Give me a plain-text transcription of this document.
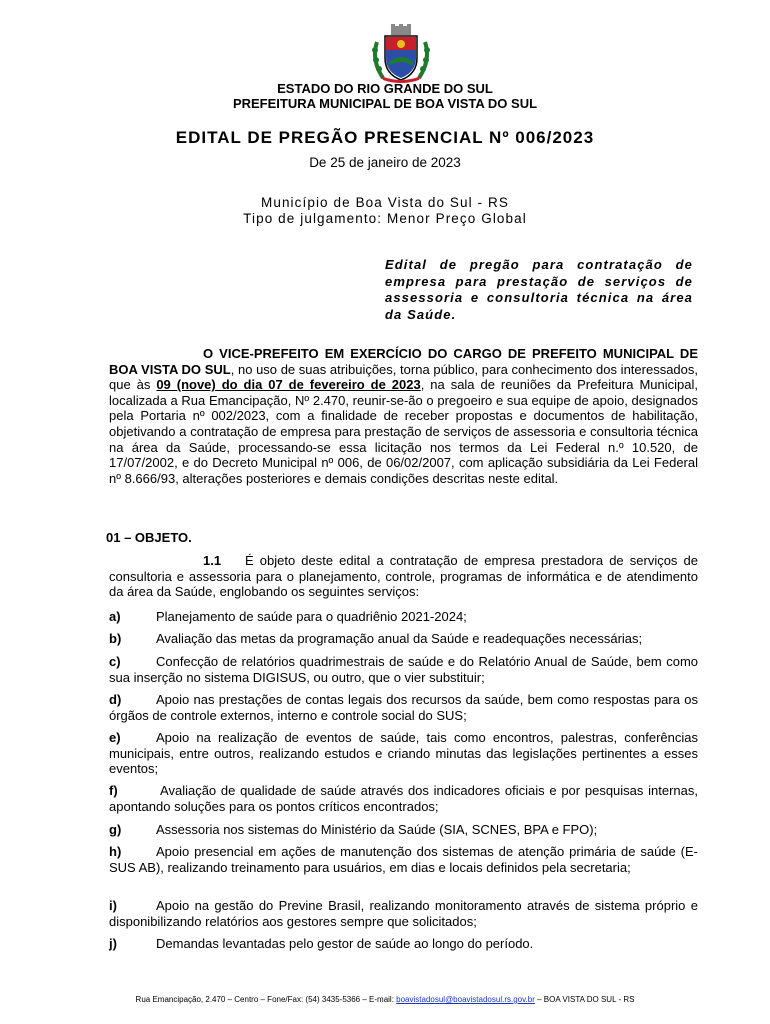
ESTADO DO RIO GRANDE DO SUL
PREFEITURA MUNICIPAL DE BOA VISTA DO SUL
EDITAL DE PREGÃO PRESENCIAL Nº 006/2023
De 25 de janeiro de 2023
Município de Boa Vista do Sul - RS
Tipo de julgamento: Menor Preço Global
Edital de pregão para contratação de empresa para prestação de serviços de assessoria e consultoria técnica na área da Saúde.
O VICE-PREFEITO EM EXERCÍCIO DO CARGO DE PREFEITO MUNICIPAL DE BOA VISTA DO SUL, no uso de suas atribuições, torna público, para conhecimento dos interessados, que às 09 (nove) do dia 07 de fevereiro de 2023, na sala de reuniões da Prefeitura Municipal, localizada a Rua Emancipação, Nº 2.470, reunir-se-ão o pregoeiro e sua equipe de apoio, designados pela Portaria nº 002/2023, com a finalidade de receber propostas e documentos de habilitação, objetivando a contratação de empresa para prestação de serviços de assessoria e consultoria técnica na área da Saúde, processando-se essa licitação nos termos da Lei Federal n.º 10.520, de 17/07/2002, e do Decreto Municipal nº 006, de 06/02/2007, com aplicação subsidiária da Lei Federal nº 8.666/93, alterações posteriores e demais condições descritas neste edital.
01 – OBJETO.
1.1 É objeto deste edital a contratação de empresa prestadora de serviços de consultoria e assessoria para o planejamento, controle, programas de informática e de atendimento da área da Saúde, englobando os seguintes serviços:
a)	Planejamento de saúde para o quadriênio 2021-2024;
b)	Avaliação das metas da programação anual da Saúde e readequações necessárias;
c)	Confecção de relatórios quadrimestrais de saúde e do Relatório Anual de Saúde, bem como sua inserção no sistema DIGISUS, ou outro, que o vier substituir;
d)	Apoio nas prestações de contas legais dos recursos da saúde, bem como respostas para os órgãos de controle externos, interno e controle social do SUS;
e)	Apoio na realização de eventos de saúde, tais como encontros, palestras, conferências municipais, entre outros, realizando estudos e criando minutas das legislações pertinentes a esses eventos;
f)	Avaliação de qualidade de saúde através dos indicadores oficiais e por pesquisas internas, apontando soluções para os pontos críticos encontrados;
g)	Assessoria nos sistemas do Ministério da Saúde (SIA, SCNES, BPA e FPO);
h)	Apoio presencial em ações de manutenção dos sistemas de atenção primária de saúde (E-SUS AB), realizando treinamento para usuários, em dias e locais definidos pela secretaria;
i)	Apoio na gestão do Previne Brasil, realizando monitoramento através de sistema próprio e disponibilizando relatórios aos gestores sempre que solicitados;
j)	Demandas levantadas pelo gestor de saúde ao longo do período.
Rua Emancipação, 2.470 – Centro – Fone/Fax: (54) 3435-5366 – E-mail: boavistadosul@boavistadosul.rs.gov.br – BOA VISTA DO SUL - RS
